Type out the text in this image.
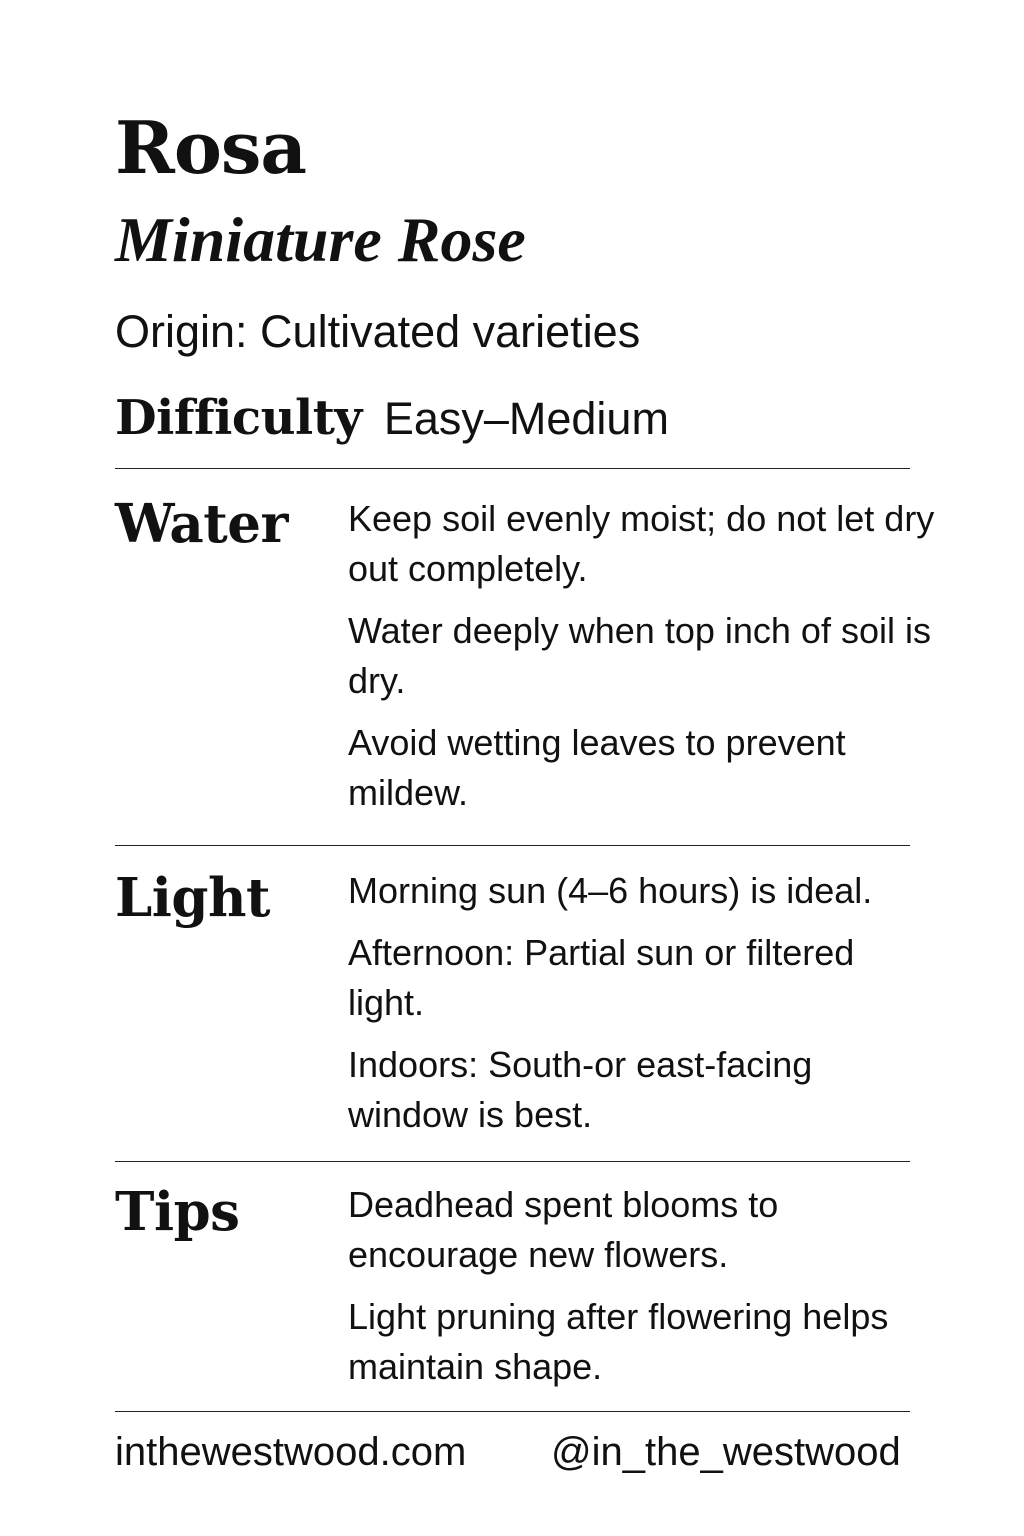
Rosa
Miniature Rose
Origin: Cultivated varieties
Difficulty Easy–Medium
Water Keep soil evenly moist; do not let dry out completely.

Water deeply when top inch of soil is dry.

Avoid wetting leaves to prevent mildew.

Light Morning sun (4–6 hours) is ideal.

Afternoon: Partial sun or filtered light.

Indoors: South-or east-facing window is best.

Tips	Deadhead spent blooms to encourage new flowers.

Light pruning after flowering helps maintain shape.

inthewestwood.com @in_the_westwood
